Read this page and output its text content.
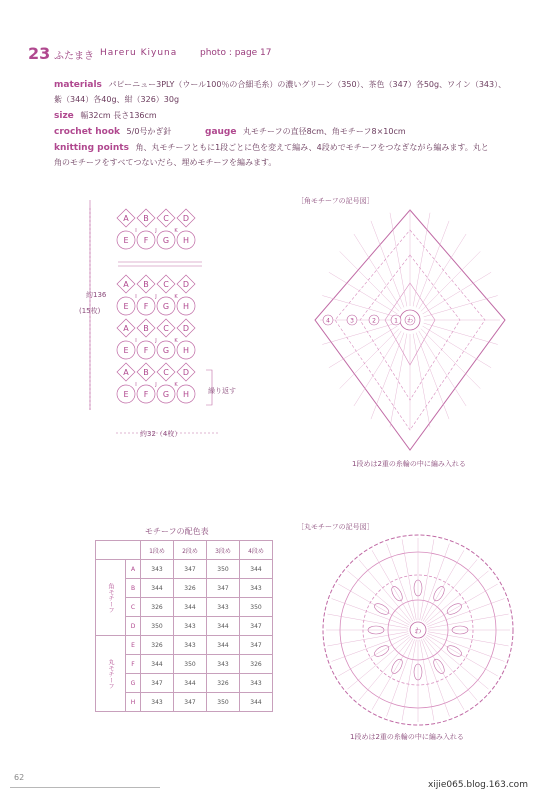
23 ふたまき Hareru Kiyuna	photo : page 17
materials パピーニュー3PLY（ウール100％の合細毛糸）の濃いグリーン（350）、茶色（347）各50g、ワイン（343）、
紫（344）各40g、紺（326）30g
size 幅32cm 長さ136cm
crochet hook 5/0号かぎ針	gauge 丸モチーフの直径8cm、角モチーフ8×10cm
knitting points 角、丸モチーフともに1段ごとに色を変えて編み、4段めでモチーフをつなぎながら編みます。丸と
角のモチーフをすべてつないだら、埋めモチーフを編みます。
A B C D
I	J	K
E F G H
A B C D
I	J	K
E F G H
A B C D
I	J	K
E F G H
A B C D
I	J	K
E F G H
約136
(15枚)
約32（4枚）
繰り返す
［角モチーフの記号図］
4	3	2	1 わ
1段めは2重の糸輪の中に編み入れる
モチーフの配色表
		1段め	2段め	3段め	4段め
角モチーフ	A	343	347	350	344
	B	344	326	347	343
	C	326	344	343	350
	D	350	343	344	347
丸モチーフ	E	326	343	344	347
	F	344	350	343	326
	G	347	344	326	343
	H	343	347	350	344
［丸モチーフの記号図］
わ
1段めは2重の糸輪の中に編み入れる
62
xijie065.blog.163.com
